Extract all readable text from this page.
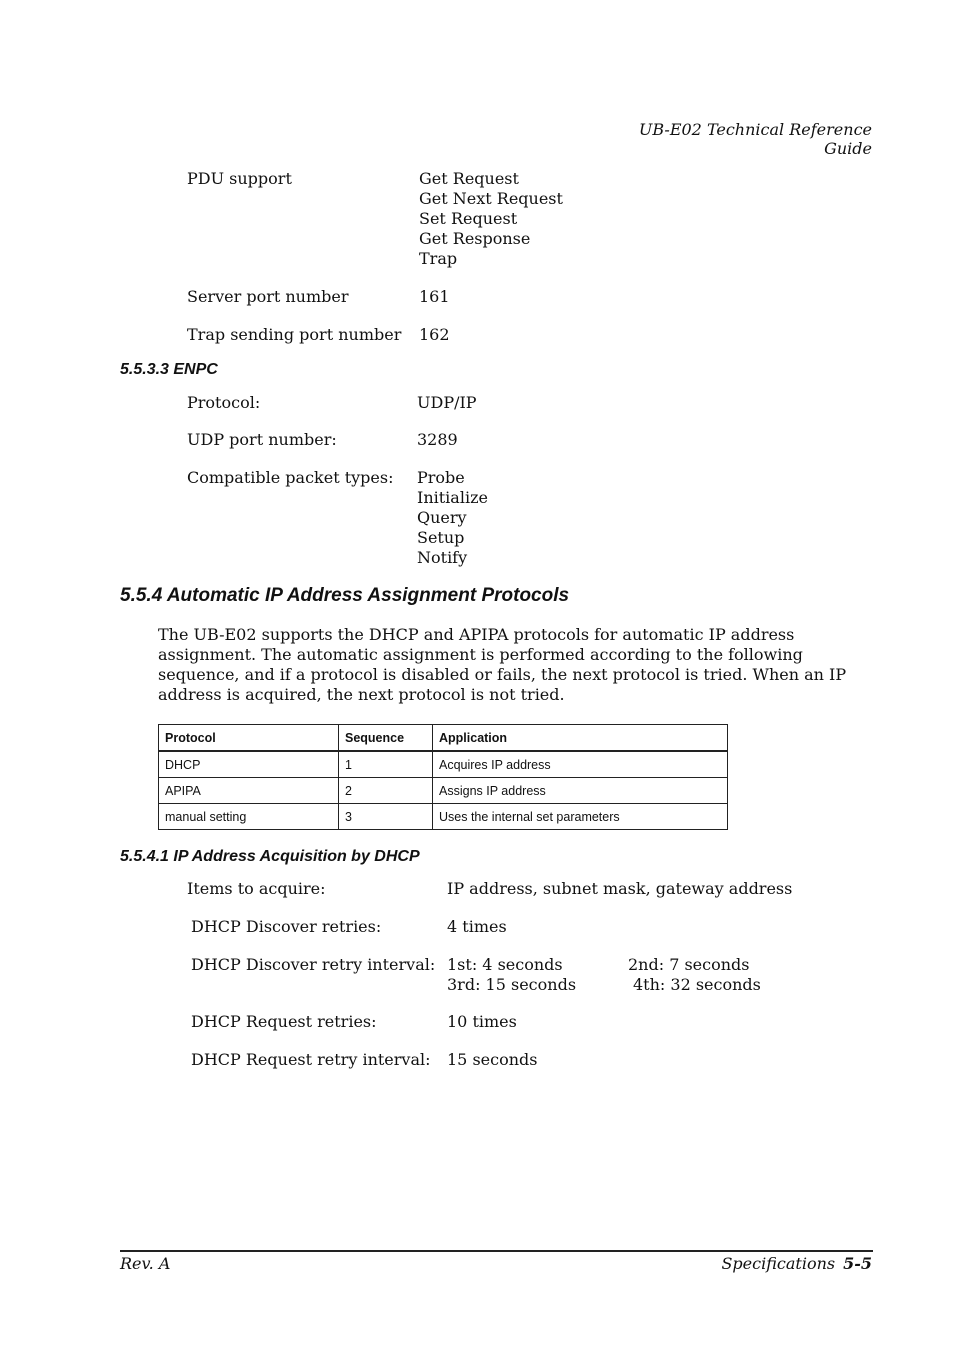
UB-E02 Technical Reference Guide
PDU support	Get Request
Get Next Request
Set Request
Get Response
Trap
Server port number	161
Trap sending port number 162
5.5.3.3 ENPC
Protocol:	UDP/IP
UDP port number:	3289
Compatible packet types: Probe
Initialize
Query
Setup
Notify
5.5.4 Automatic IP Address Assignment Protocols
The UB-E02 supports the DHCP and APIPA protocols for automatic IP address assignment. The automatic assignment is performed according to the following sequence, and if a protocol is disabled or fails, the next protocol is tried. When an IP address is acquired, the next protocol is not tried.
Protocol	Sequence	Application
DHCP	1	Acquires IP address
APIPA	2	Assigns IP address
manual setting	3	Uses the internal set parameters
5.5.4.1 IP Address Acquisition by DHCP
Items to acquire:	IP address, subnet mask, gateway address
DHCP Discover retries:	4 times
DHCP Discover retry interval: 1st: 4 seconds	2nd: 7 seconds
3rd: 15 seconds	4th: 32 seconds
DHCP Request retries:	10 times
DHCP Request retry interval: 15 seconds
Rev. A	Specifications 5-5
